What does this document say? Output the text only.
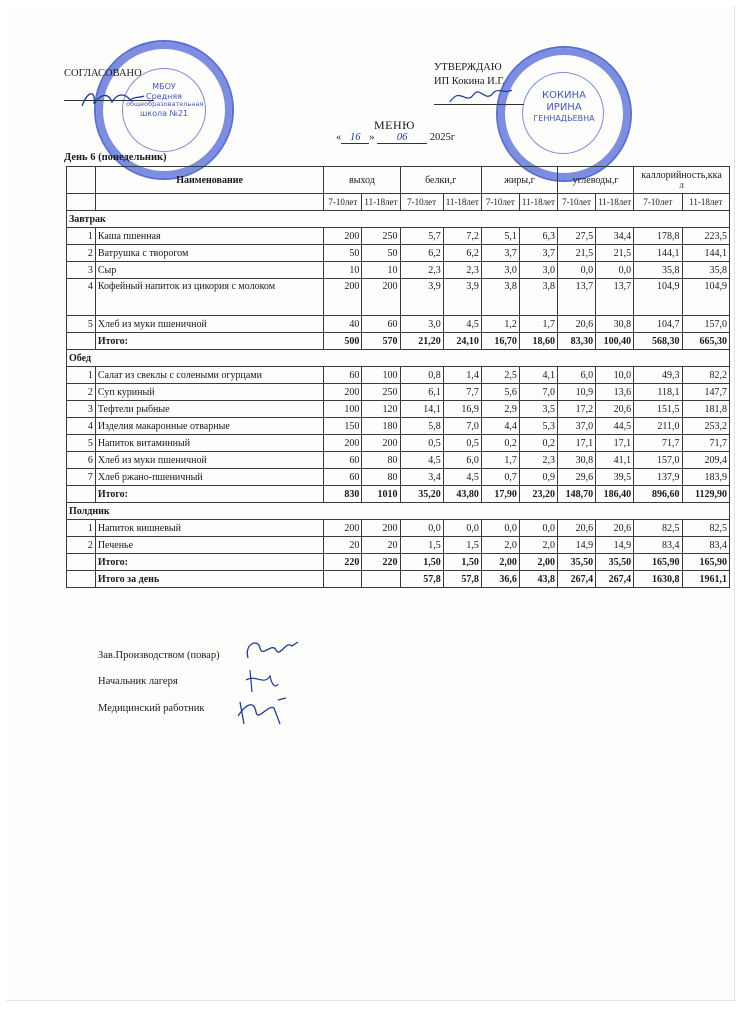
МБОУ
Средняя
общеобразовательная
школа №21
КОКИНА
ИРИНА
ГЕННАДЬЕВНА
СОГЛАСОВАНО
УТВЕРЖДАЮ
ИП Кокина И.Г.
МЕНЮ
« 16 » 06 2025г
День 6 (понедельник)
	Наименование	выход		белки,г		жиры,г		углеводы,г		каллорийность,кка
л	

		7-10лет	11-18лет	7-10лет	11-18лет	7-10лет	11-18лет	7-10лет	11-18лет	7-10лет	11-18лет
Завтрак											
1	Каша пшенная	200	250	5,7	7,2	5,1	6,3	27,5	34,4	178,8	223,5
2	Ватрушка с творогом	50	50	6,2	6,2	3,7	3,7	21,5	21,5	144,1	144,1
3	Сыр	10	10	2,3	2,3	3,0	3,0	0,0	0,0	35,8	35,8
4	Кофейный напиток из цикория с молоком	200	200	3,9	3,9	3,8	3,8	13,7	13,7	104,9	104,9
5	Хлеб из муки пшеничной	40	60	3,0	4,5	1,2	1,7	20,6	30,8	104,7	157,0
	Итого:	500	570	21,20	24,10	16,70	18,60	83,30	100,40	568,30	665,30
Обед											
1	Салат из свеклы с солеными огурцами	60	100	0,8	1,4	2,5	4,1	6,0	10,0	49,3	82,2
2	Суп куриный	200	250	6,1	7,7	5,6	7,0	10,9	13,6	118,1	147,7
3	Тефтели рыбные	100	120	14,1	16,9	2,9	3,5	17,2	20,6	151,5	181,8
4	Изделия макаронные отварные	150	180	5,8	7,0	4,4	5,3	37,0	44,5	211,0	253,2
5	Напиток витаминный	200	200	0,5	0,5	0,2	0,2	17,1	17,1	71,7	71,7
6	Хлеб из муки пшеничной	60	80	4,5	6,0	1,7	2,3	30,8	41,1	157,0	209,4
7	Хлеб ржано-пшеничный	60	80	3,4	4,5	0,7	0,9	29,6	39,5	137,9	183,9
	Итого:	830	1010	35,20	43,80	17,90	23,20	148,70	186,40	896,60	1129,90
Полдник											
1	Напиток вишневый	200	200	0,0	0,0	0,0	0,0	20,6	20,6	82,5	82,5
2	Печенье	20	20	1,5	1,5	2,0	2,0	14,9	14,9	83,4	83,4
	Итого:	220	220	1,50	1,50	2,00	2,00	35,50	35,50	165,90	165,90
	Итого за день			57,8	57,8	36,6	43,8	267,4	267,4	1630,8	1961,1
Зав.Производством (повар)
Начальник лагеря
Медицинский работник
